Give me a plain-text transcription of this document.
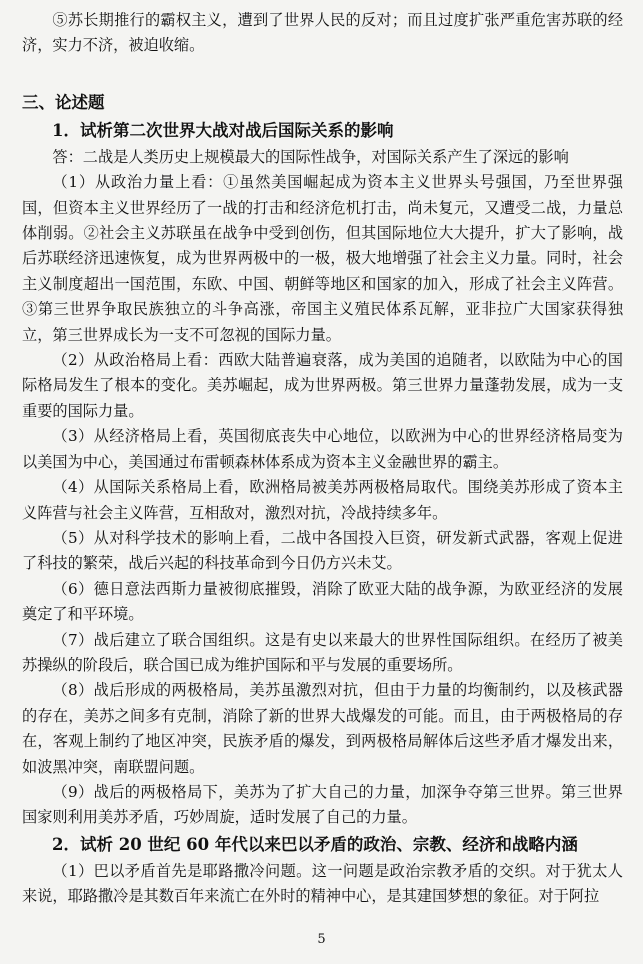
⑤苏长期推行的霸权主义，遭到了世界人民的反对；而且过度扩张严重危害苏联的经济，实力不济，被迫收缩。

三、论述题
1．试析第二次世界大战对战后国际关系的影响

答：二战是人类历史上规模最大的国际性战争，对国际关系产生了深远的影响

（1）从政治力量上看：①虽然美国崛起成为资本主义世界头号强国，乃至世界强国，但资本主义世界经历了一战的打击和经济危机打击，尚未复元，又遭受二战，力量总体削弱。②社会主义苏联虽在战争中受到创伤，但其国际地位大大提升，扩大了影响，战后苏联经济迅速恢复，成为世界两极中的一极，极大地增强了社会主义力量。同时，社会主义制度超出一国范围，东欧、中国、朝鲜等地区和国家的加入，形成了社会主义阵营。③第三世界争取民族独立的斗争高涨，帝国主义殖民体系瓦解，亚非拉广大国家获得独立，第三世界成长为一支不可忽视的国际力量。

（2）从政治格局上看：西欧大陆普遍衰落，成为美国的追随者，以欧陆为中心的国际格局发生了根本的变化。美苏崛起，成为世界两极。第三世界力量蓬勃发展，成为一支重要的国际力量。

（3）从经济格局上看，英国彻底丧失中心地位，以欧洲为中心的世界经济格局变为以美国为中心，美国通过布雷顿森林体系成为资本主义金融世界的霸主。

（4）从国际关系格局上看，欧洲格局被美苏两极格局取代。围绕美苏形成了资本主义阵营与社会主义阵营，互相敌对，激烈对抗，冷战持续多年。

（5）从对科学技术的影响上看，二战中各国投入巨资，研发新式武器，客观上促进了科技的繁荣，战后兴起的科技革命到今日仍方兴未艾。

（6）德日意法西斯力量被彻底摧毁，消除了欧亚大陆的战争源，为欧亚经济的发展奠定了和平环境。

（7）战后建立了联合国组织。这是有史以来最大的世界性国际组织。在经历了被美苏操纵的阶段后，联合国已成为维护国际和平与发展的重要场所。

（8）战后形成的两极格局，美苏虽激烈对抗，但由于力量的均衡制约，以及核武器的存在，美苏之间多有克制，消除了新的世界大战爆发的可能。而且，由于两极格局的存在，客观上制约了地区冲突，民族矛盾的爆发，到两极格局解体后这些矛盾才爆发出来，如波黑冲突，南联盟问题。

（9）战后的两极格局下，美苏为了扩大自己的力量，加深争夺第三世界。第三世界国家则利用美苏矛盾，巧妙周旋，适时发展了自己的力量。

2．试析 20 世纪 60 年代以来巴以矛盾的政治、宗教、经济和战略内涵

（1）巴以矛盾首先是耶路撒冷问题。这一问题是政治宗教矛盾的交织。对于犹太人来说，耶路撒冷是其数百年来流亡在外时的精神中心，是其建国梦想的象征。对于阿拉

5
